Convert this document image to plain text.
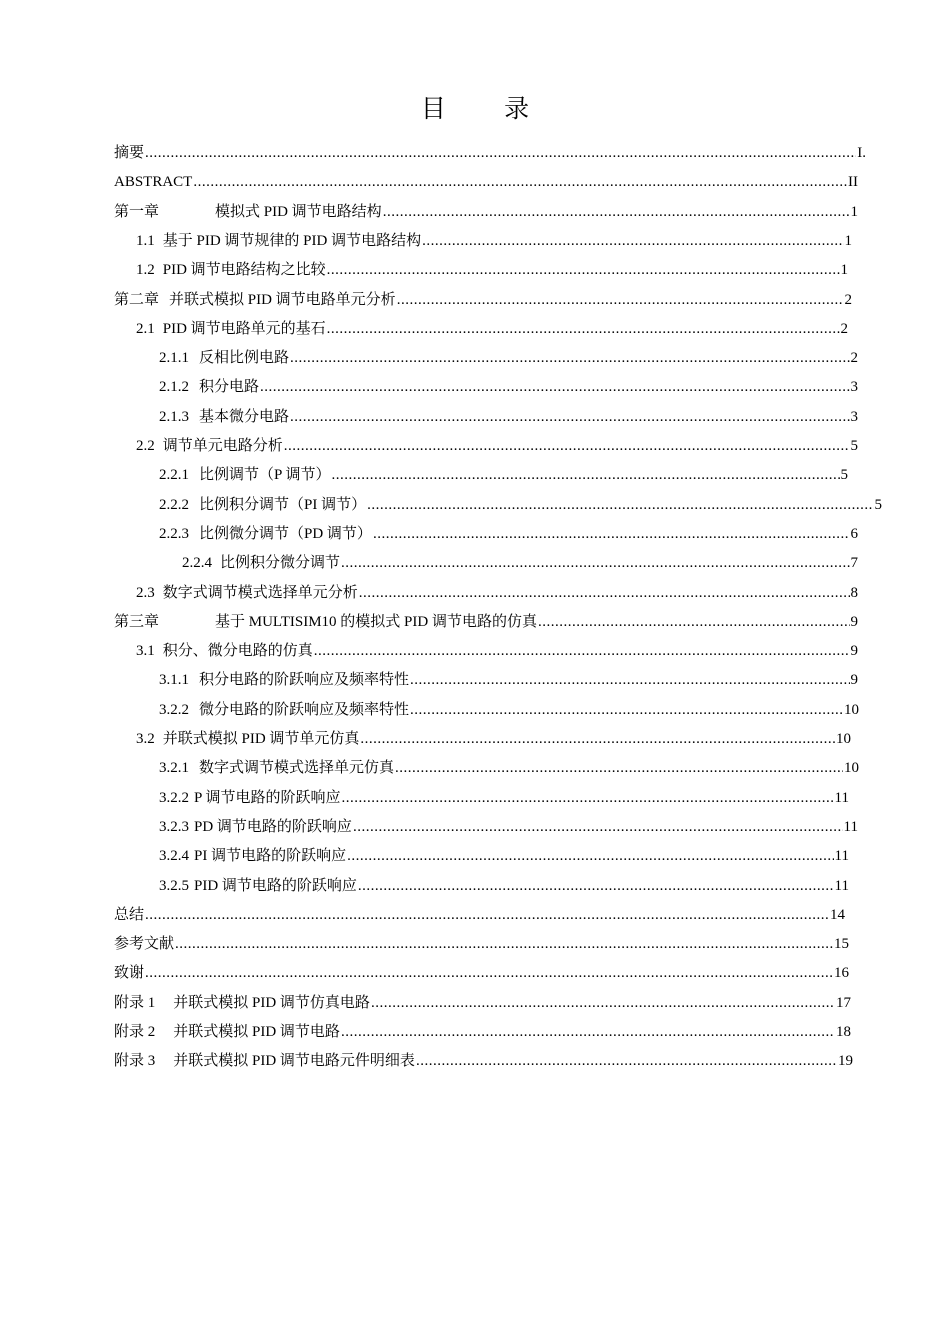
目 录
摘要 .....	I.
ABSTRACT .....	II
第一章	模拟式 PID 调节电路结构 .....	1
1.1 基于 PID 调节规律的 PID 调节电路结构 .....	1
1.2 PID 调节电路结构之比较 .....	1
第二章 并联式模拟 PID 调节电路单元分析 .....	2
2.1 PID 调节电路单元的基石 .....	2
2.1.1 反相比例电路 .....	2
2.1.2 积分电路 .....	3
2.1.3 基本微分电路 .....	3
2.2 调节单元电路分析 .....	5
2.2.1 比例调节（P 调节） .....	5
2.2.2 比例积分调节（PI 调节） .....	5
2.2.3 比例微分调节（PD 调节） .....	6
2.2.4 比例积分微分调节 .....	7
2.3 数字式调节模式选择单元分析 .....	8
第三章	基于 MULTISIM10 的模拟式 PID 调节电路的仿真 .....	9
3.1 积分、微分电路的仿真 .....	9
3.1.1 积分电路的阶跃响应及频率特性 .....	9
3.2.2 微分电路的阶跃响应及频率特性 .....	10
3.2 并联式模拟 PID 调节单元仿真 .....	10
3.2.1 数字式调节模式选择单元仿真 .....	10
3.2.2 P 调节电路的阶跃响应 .....	11
3.2.3 PD 调节电路的阶跃响应 .....	11
3.2.4 PI 调节电路的阶跃响应 .....	11
3.2.5 PID 调节电路的阶跃响应 .....	11
总结 .....	14
参考文献 .....	15
致谢 .....	16
附录 1 并联式模拟 PID 调节仿真电路 .....	17
附录 2 并联式模拟 PID 调节电路 .....	18
附录 3 并联式模拟 PID 调节电路元件明细表 .....	19
